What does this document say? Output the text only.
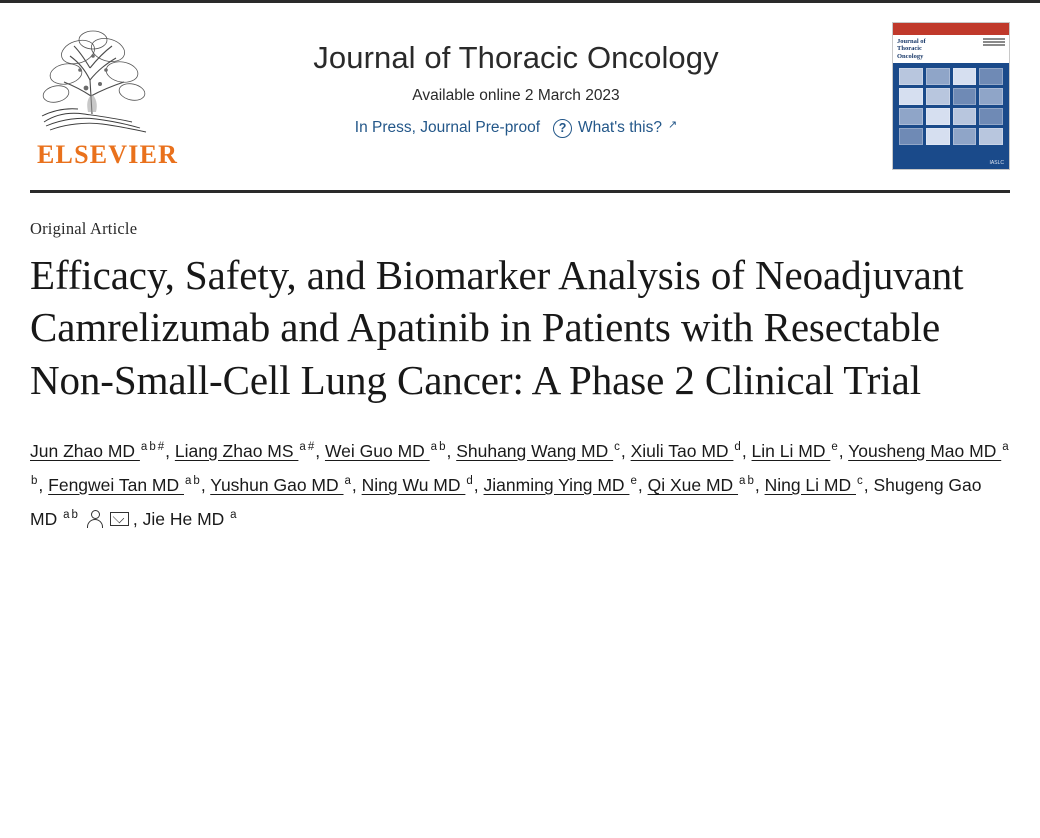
ELSEVIER
Journal of Thoracic Oncology
Available online 2 March 2023
In Press, Journal Pre-proof	? What's this? ↗
Journal of
Thoracic
Oncology
IASLC
Original Article
Efficacy, Safety, and Biomarker Analysis of Neoadjuvant Camrelizumab and Apatinib in Patients with Resectable Non-Small-Cell Lung Cancer: A Phase 2 Clinical Trial
Jun Zhao MD a b #, Liang Zhao MS a #, Wei Guo MD a b, Shuhang Wang MD c, Xiuli Tao MD d, Lin Li MD e, Yousheng Mao MD ab, Fengwei Tan MD a b, Yushun Gao MD a, Ning Wu MD d, Jianming Ying MD e, Qi Xue MD a b, Ning Li MD c, Shugeng Gao MD a b	, Jie He MD a
